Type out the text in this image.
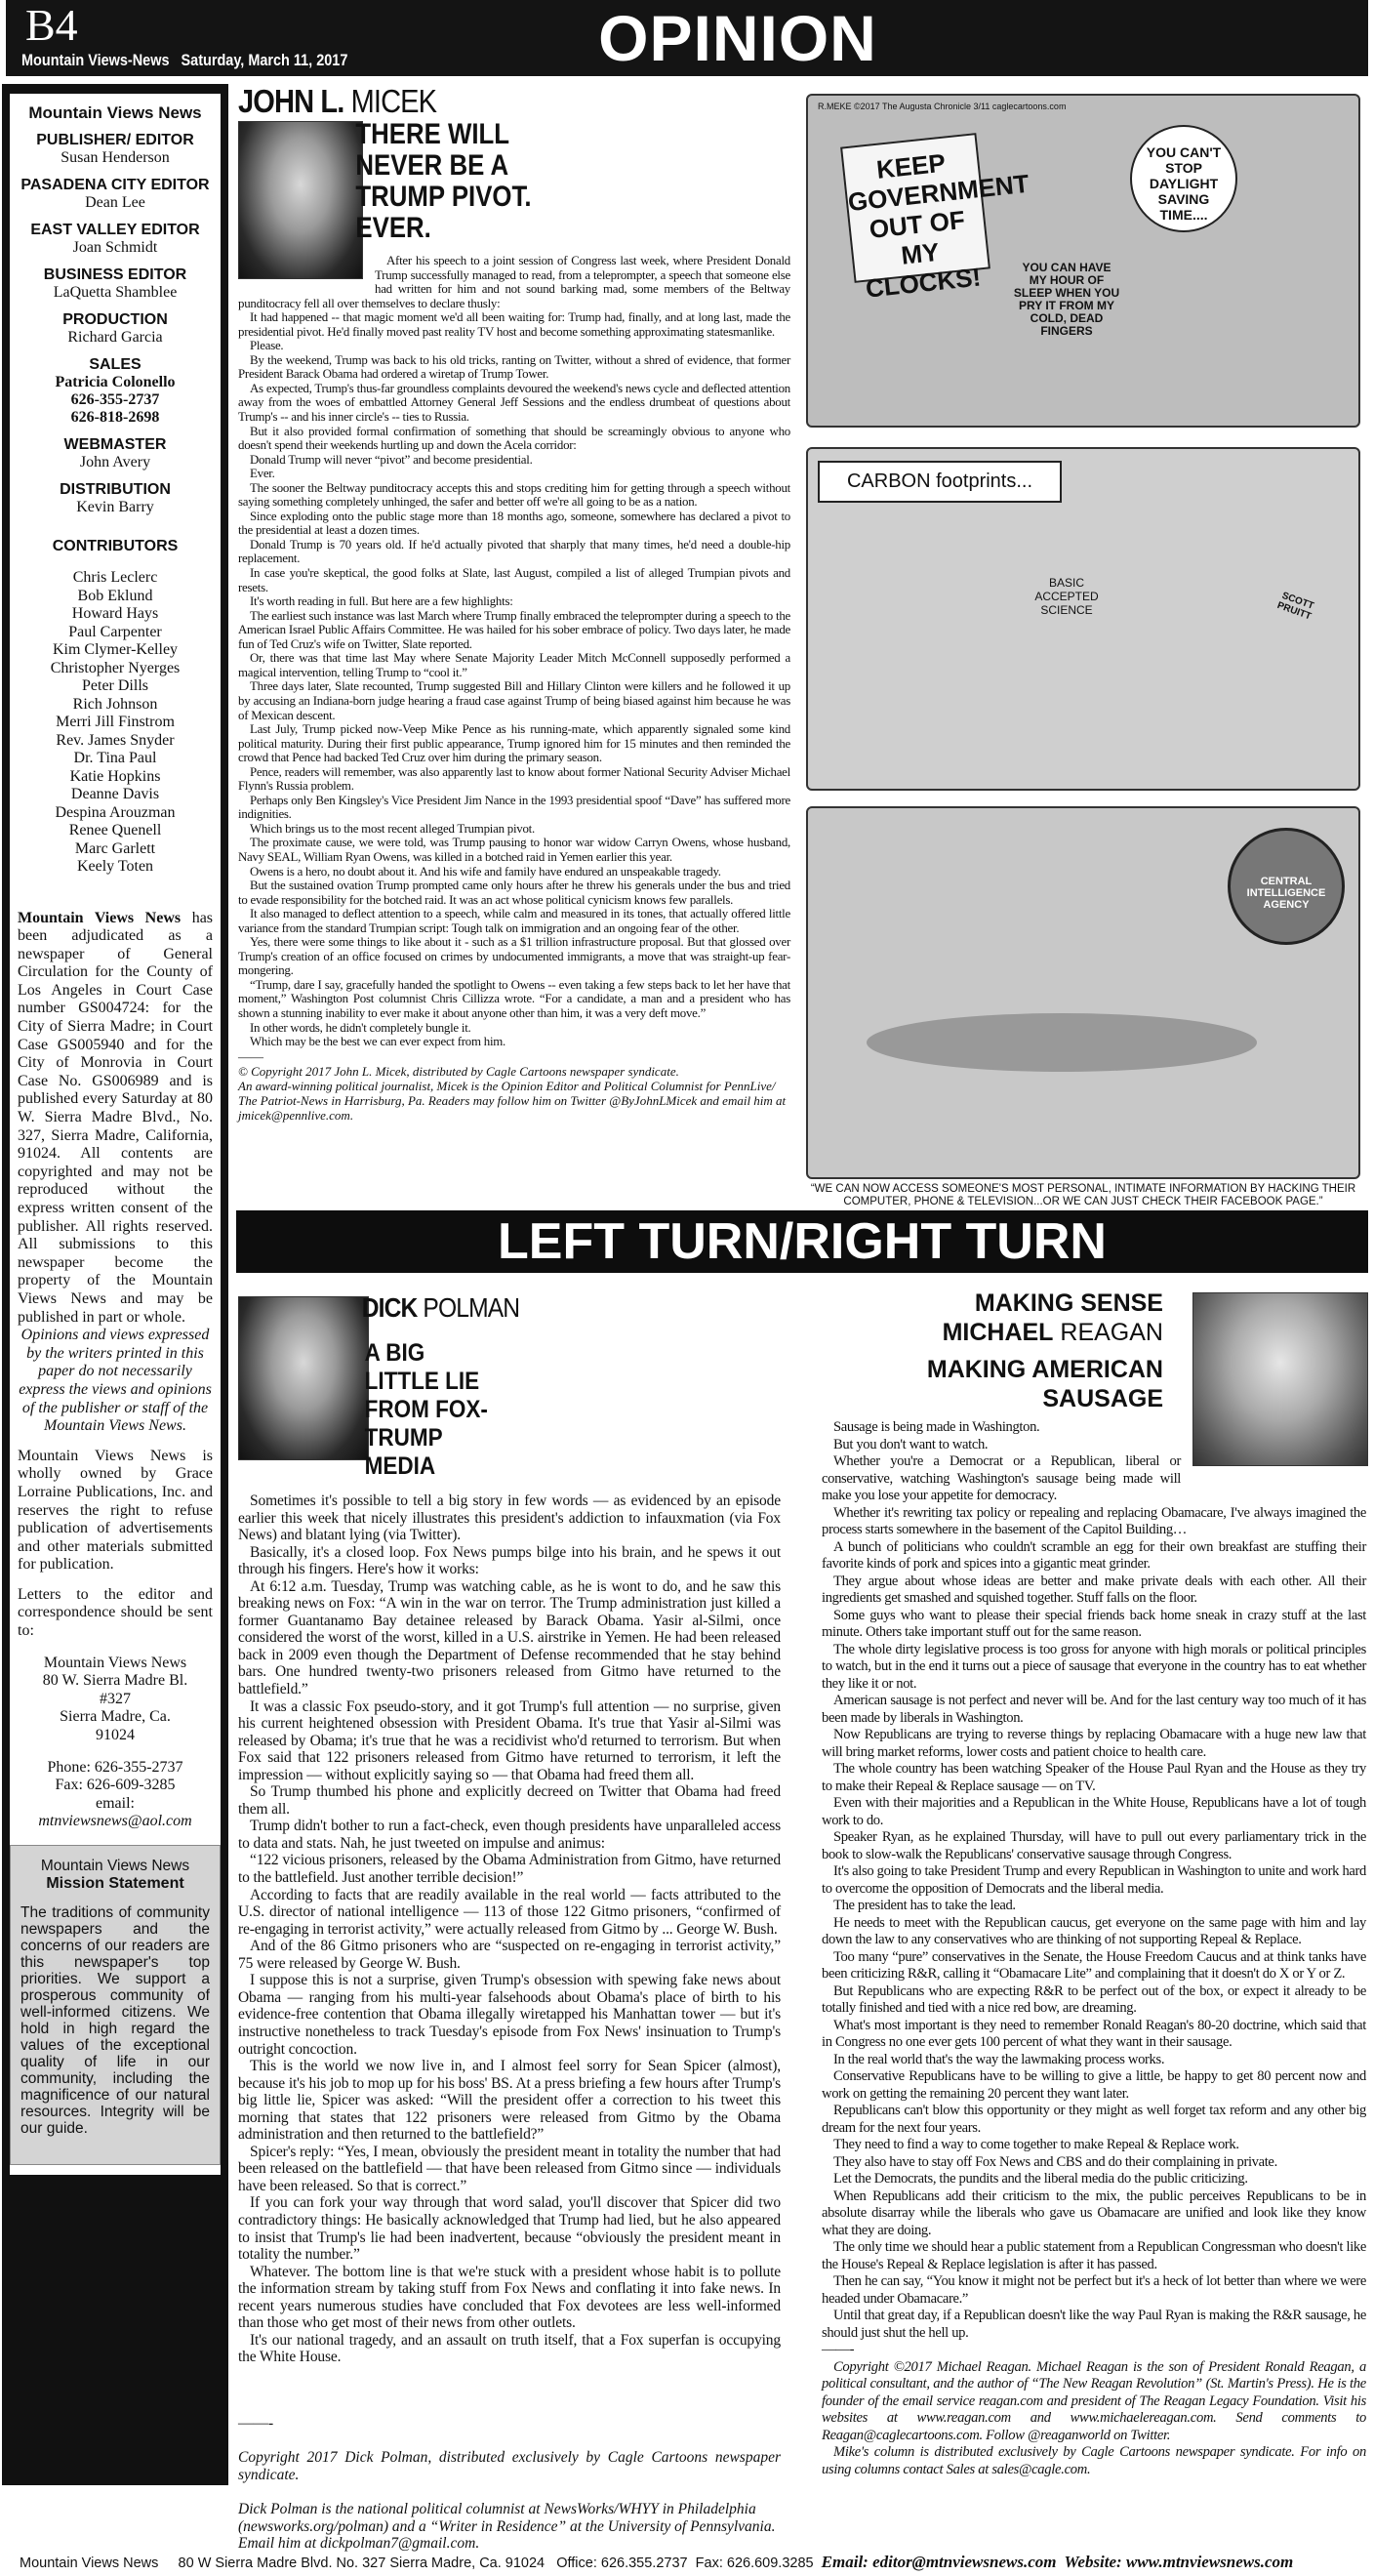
B4
Mountain Views-News Saturday, March 11, 2017	OPINION
Mountain Views News
PUBLISHER/ EDITOR
Susan Henderson
PASADENA CITY EDITOR
Dean Lee
EAST VALLEY EDITOR
Joan Schmidt
BUSINESS EDITOR
LaQuetta Shamblee
PRODUCTION
Richard Garcia
SALES
Patricia Colonello
626-355-2737
626-818-2698
WEBMASTER
John Avery
DISTRIBUTION
Kevin Barry
CONTRIBUTORS
Chris Leclerc
Bob Eklund
Howard Hays
Paul Carpenter
Kim Clymer-Kelley
Christopher Nyerges
Peter Dills
Rich Johnson
Merri Jill Finstrom
Rev. James Snyder
Dr. Tina Paul
Katie Hopkins
Deanne Davis
Despina Arouzman
Renee Quenell
Marc Garlett
Keely Toten
Mountain Views News has been adjudicated as a newspaper of General Circulation for the County of Los Angeles in Court Case number GS004724: for the City of Sierra Madre; in Court Case GS005940 and for the City of Monrovia in Court Case No. GS006989 and is published every Saturday at 80 W. Sierra Madre Blvd., No. 327, Sierra Madre, California, 91024. All contents are copyrighted and may not be reproduced without the express written consent of the publisher. All rights reserved. All submissions to this newspaper become the property of the Mountain Views News and may be published in part or whole.
Opinions and views expressed by the writers printed in this paper do not necessarily express the views and opinions of the publisher or staff of the Mountain Views News.
Mountain Views News is wholly owned by Grace Lorraine Publications, Inc. and reserves the right to refuse publication of advertisements and other materials submitted for publication.
Letters to the editor and correspondence should be sent to:
Mountain Views News
80 W. Sierra Madre Bl.
#327
Sierra Madre, Ca.
91024
Phone: 626-355-2737
Fax: 626-609-3285
email:
mtnviewsnews@aol.com
Mountain Views News
Mission Statement
The traditions of community newspapers and the concerns of our readers are this newspaper's top priorities. We support a prosperous community of well-informed citizens. We hold in high regard the values of the exceptional quality of life in our community, including the magnificence of our natural resources. Integrity will be our guide.
JOHN L. MICEK
THERE WILL NEVER BE A TRUMP PIVOT. EVER.

After his speech to a joint session of Congress last week, where President Donald Trump successfully managed to read, from a teleprompter, a speech that someone else had written for him and not sound barking mad, some members of the Beltway punditocracy fell all over themselves to declare thusly:

It had happened -- that magic moment we'd all been waiting for: Trump had, finally, and at long last, made the presidential pivot. He'd finally moved past reality TV host and become something approximating statesmanlike.

Please.

By the weekend, Trump was back to his old tricks, ranting on Twitter, without a shred of evidence, that former President Barack Obama had ordered a wiretap of Trump Tower.

As expected, Trump's thus-far groundless complaints devoured the weekend's news cycle and deflected attention away from the woes of embattled Attorney General Jeff Sessions and the endless drumbeat of questions about Trump's -- and his inner circle's -- ties to Russia.

But it also provided formal confirmation of something that should be screamingly obvious to anyone who doesn't spend their weekends hurtling up and down the Acela corridor:

Donald Trump will never “pivot” and become presidential.

Ever.

The sooner the Beltway punditocracy accepts this and stops crediting him for getting through a speech without saying something completely unhinged, the safer and better off we're all going to be as a nation.

Since exploding onto the public stage more than 18 months ago, someone, somewhere has declared a pivot to the presidential at least a dozen times.

Donald Trump is 70 years old. If he'd actually pivoted that sharply that many times, he'd need a double-hip replacement.

In case you're skeptical, the good folks at Slate, last August, compiled a list of alleged Trumpian pivots and resets.

It's worth reading in full. But here are a few highlights:

The earliest such instance was last March where Trump finally embraced the teleprompter during a speech to the American Israel Public Affairs Committee. He was hailed for his sober embrace of policy. Two days later, he made fun of Ted Cruz's wife on Twitter, Slate reported.

Or, there was that time last May where Senate Majority Leader Mitch McConnell supposedly performed a magical intervention, telling Trump to “cool it.”

Three days later, Slate recounted, Trump suggested Bill and Hillary Clinton were killers and he followed it up by accusing an Indiana-born judge hearing a fraud case against Trump of being biased against him because he was of Mexican descent.

Last July, Trump picked now-Veep Mike Pence as his running-mate, which apparently signaled some kind political maturity. During their first public appearance, Trump ignored him for 15 minutes and then reminded the crowd that Pence had backed Ted Cruz over him during the primary season.

Pence, readers will remember, was also apparently last to know about former National Security Adviser Michael Flynn's Russia problem.

Perhaps only Ben Kingsley's Vice President Jim Nance in the 1993 presidential spoof “Dave” has suffered more indignities.

Which brings us to the most recent alleged Trumpian pivot.

The proximate cause, we were told, was Trump pausing to honor war widow Carryn Owens, whose husband, Navy SEAL, William Ryan Owens, was killed in a botched raid in Yemen earlier this year.

Owens is a hero, no doubt about it. And his wife and family have endured an unspeakable tragedy.

But the sustained ovation Trump prompted came only hours after he threw his generals under the bus and tried to evade responsibility for the botched raid. It was an act whose political cynicism knows few parallels.

It also managed to deflect attention to a speech, while calm and measured in its tones, that actually offered little variance from the standard Trumpian script: Tough talk on immigration and an ongoing fear of the other.

Yes, there were some things to like about it - such as a $1 trillion infrastructure proposal. But that glossed over Trump's creation of an office focused on crimes by undocumented immigrants, a move that was straight-up fear-mongering.

“Trump, dare I say, gracefully handed the spotlight to Owens -- even taking a few steps back to let her have that moment,” Washington Post columnist Chris Cillizza wrote. “For a candidate, a man and a president who has shown a stunning inability to ever make it about anyone other than him, it was a very deft move.”

In other words, he didn't completely bungle it.

Which may be the best we can ever expect from him.

——
© Copyright 2017 John L. Micek, distributed by Cagle Cartoons newspaper syndicate.
An award-winning political journalist, Micek is the Opinion Editor and Political Columnist for PennLive/ The Patriot-News in Harrisburg, Pa. Readers may follow him on Twitter @ByJohnLMicek and email him at jmicek@pennlive.com.
R.MEKE ©2017 The Augusta Chronicle 3/11 caglecartoons.com
KEEP GOVERNMENT OUT OF MY CLOCKS!
YOU CAN'T STOP DAYLIGHT SAVING TIME....
YOU CAN HAVE MY HOUR OF SLEEP WHEN YOU PRY IT FROM MY COLD, DEAD FINGERS
CARBON footprints...
BASIC ACCEPTED SCIENCE	SCOTT PRUITT
CENTRAL INTELLIGENCE AGENCY
“WE CAN NOW ACCESS SOMEONE'S MOST PERSONAL, INTIMATE INFORMATION BY HACKING THEIR COMPUTER, PHONE & TELEVISION...OR WE CAN JUST CHECK THEIR FACEBOOK PAGE.”
LEFT TURN/RIGHT TURN
DICK POLMAN
A BIG LITTLE LIE FROM FOX-TRUMP MEDIA

Sometimes it's possible to tell a big story in few words — as evidenced by an episode earlier this week that nicely illustrates this president's addiction to infauxmation (via Fox News) and blatant lying (via Twitter).

Basically, it's a closed loop. Fox News pumps bilge into his brain, and he spews it out through his fingers. Here's how it works:

At 6:12 a.m. Tuesday, Trump was watching cable, as he is wont to do, and he saw this breaking news on Fox: “A win in the war on terror. The Trump administration just killed a former Guantanamo Bay detainee released by Barack Obama. Yasir al-Silmi, once considered the worst of the worst, killed in a U.S. airstrike in Yemen. He had been released back in 2009 even though the Department of Defense recommended that he stay behind bars. One hundred twenty-two prisoners released from Gitmo have returned to the battlefield.”

It was a classic Fox pseudo-story, and it got Trump's full attention — no surprise, given his current heightened obsession with President Obama. It's true that Yasir al-Silmi was released by Obama; it's true that he was a recidivist who'd returned to terrorism. But when Fox said that 122 prisoners released from Gitmo have returned to terrorism, it left the impression — without explicitly saying so — that Obama had freed them all.

So Trump thumbed his phone and explicitly decreed on Twitter that Obama had freed them all.

Trump didn't bother to run a fact-check, even though presidents have unparalleled access to data and stats. Nah, he just tweeted on impulse and animus:

“122 vicious prisoners, released by the Obama Administration from Gitmo, have returned to the battlefield. Just another terrible decision!”

According to facts that are readily available in the real world — facts attributed to the U.S. director of national intelligence — 113 of those 122 Gitmo prisoners, “confirmed of re-engaging in terrorist activity,” were actually released from Gitmo by ... George W. Bush.

And of the 86 Gitmo prisoners who are “suspected on re-engaging in terrorist activity,” 75 were released by George W. Bush.

I suppose this is not a surprise, given Trump's obsession with spewing fake news about Obama — ranging from his multi-year falsehoods about Obama's place of birth to his evidence-free contention that Obama illegally wiretapped his Manhattan tower — but it's instructive nonetheless to track Tuesday's episode from Fox News' insinuation to Trump's outright concoction.

This is the world we now live in, and I almost feel sorry for Sean Spicer (almost), because it's his job to mop up for his boss' BS. At a press briefing a few hours after Trump's big little lie, Spicer was asked: “Will the president offer a correction to his tweet this morning that states that 122 prisoners were released from Gitmo by the Obama administration and then returned to the battlefield?”

Spicer's reply: “Yes, I mean, obviously the president meant in totality the number that had been released on the battlefield — that have been released from Gitmo since — individuals have been released. So that is correct.”

If you can fork your way through that word salad, you'll discover that Spicer did two contradictory things: He basically acknowledged that Trump had lied, but he also appeared to insist that Trump's lie had been inadvertent, because “obviously the president meant in totality the number.”

Whatever. The bottom line is that we're stuck with a president whose habit is to pollute the information stream by taking stuff from Fox News and conflating it into fake news. In recent years numerous studies have concluded that Fox devotees are less well-informed than those who get most of their news from other outlets.

It's our national tragedy, and an assault on truth itself, that a Fox superfan is occupying the White House.

——-
Copyright 2017 Dick Polman, distributed exclusively by Cagle Cartoons newspaper syndicate.
Dick Polman is the national political columnist at NewsWorks/WHYY in Philadelphia (newsworks.org/polman) and a “Writer in Residence” at the University of Pennsylvania. Email him at dickpolman7@gmail.com.
MAKING SENSE
MICHAEL REAGAN
MAKING AMERICAN SAUSAGE

Sausage is being made in Washington.

But you don't want to watch.

Whether you're a Democrat or a Republican, liberal or conservative, watching Washington's sausage being made will make you lose your appetite for democracy.

Whether it's rewriting tax policy or repealing and replacing Obamacare, I've always imagined the process starts somewhere in the basement of the Capitol Building…

A bunch of politicians who couldn't scramble an egg for their own breakfast are stuffing their favorite kinds of pork and spices into a gigantic meat grinder.

They argue about whose ideas are better and make private deals with each other. All their ingredients get smashed and squished together. Stuff falls on the floor.

Some guys who want to please their special friends back home sneak in crazy stuff at the last minute. Others take important stuff out for the same reason.

The whole dirty legislative process is too gross for anyone with high morals or political principles to watch, but in the end it turns out a piece of sausage that everyone in the country has to eat whether they like it or not.

American sausage is not perfect and never will be. And for the last century way too much of it has been made by liberals in Washington.

Now Republicans are trying to reverse things by replacing Obamacare with a huge new law that will bring market reforms, lower costs and patient choice to health care.

The whole country has been watching Speaker of the House Paul Ryan and the House as they try to make their Repeal & Replace sausage — on TV.

Even with their majorities and a Republican in the White House, Republicans have a lot of tough work to do.

Speaker Ryan, as he explained Thursday, will have to pull out every parliamentary trick in the book to slow-walk the Republicans' conservative sausage through Congress.

It's also going to take President Trump and every Republican in Washington to unite and work hard to overcome the opposition of Democrats and the liberal media.

The president has to take the lead.

He needs to meet with the Republican caucus, get everyone on the same page with him and lay down the law to any conservatives who are thinking of not supporting Repeal & Replace.

Too many “pure” conservatives in the Senate, the House Freedom Caucus and at think tanks have been criticizing R&R, calling it “Obamacare Lite” and complaining that it doesn't do X or Y or Z.

But Republicans who are expecting R&R to be perfect out of the box, or expect it already to be totally finished and tied with a nice red bow, are dreaming.

What's most important is they need to remember Ronald Reagan's 80-20 doctrine, which said that in Congress no one ever gets 100 percent of what they want in their sausage.

In the real world that's the way the lawmaking process works.

Conservative Republicans have to be willing to give a little, be happy to get 80 percent now and work on getting the remaining 20 percent they want later.

Republicans can't blow this opportunity or they might as well forget tax reform and any other big dream for the next four years.

They need to find a way to come together to make Repeal & Replace work.

They also have to stay off Fox News and CBS and do their complaining in private.

Let the Democrats, the pundits and the liberal media do the public criticizing.

When Republicans add their criticism to the mix, the public perceives Republicans to be in absolute disarray while the liberals who gave us Obamacare are unified and look like they know what they are doing.

The only time we should hear a public statement from a Republican Congressman who doesn't like the House's Repeal & Replace legislation is after it has passed.

Then he can say, “You know it might not be perfect but it's a heck of lot better than where we were headed under Obamacare.”

Until that great day, if a Republican doesn't like the way Paul Ryan is making the R&R sausage, he should just shut the hell up.

——-
Copyright ©2017 Michael Reagan. Michael Reagan is the son of President Ronald Reagan, a political consultant, and the author of “The New Reagan Revolution” (St. Martin's Press). He is the founder of the email service reagan.com and president of The Reagan Legacy Foundation. Visit his websites at www.reagan.com and www.michaelereagan.com. Send comments to Reagan@caglecartoons.com. Follow @reaganworld on Twitter.
Mike's column is distributed exclusively by Cagle Cartoons newspaper syndicate. For info on using columns contact Sales at sales@cagle.com.
Mountain Views News 80 W Sierra Madre Blvd. No. 327 Sierra Madre, Ca. 91024 Office: 626.355.2737 Fax: 626.609.3285 Email: editor@mtnviewsnews.com Website: www.mtnviewsnews.com
